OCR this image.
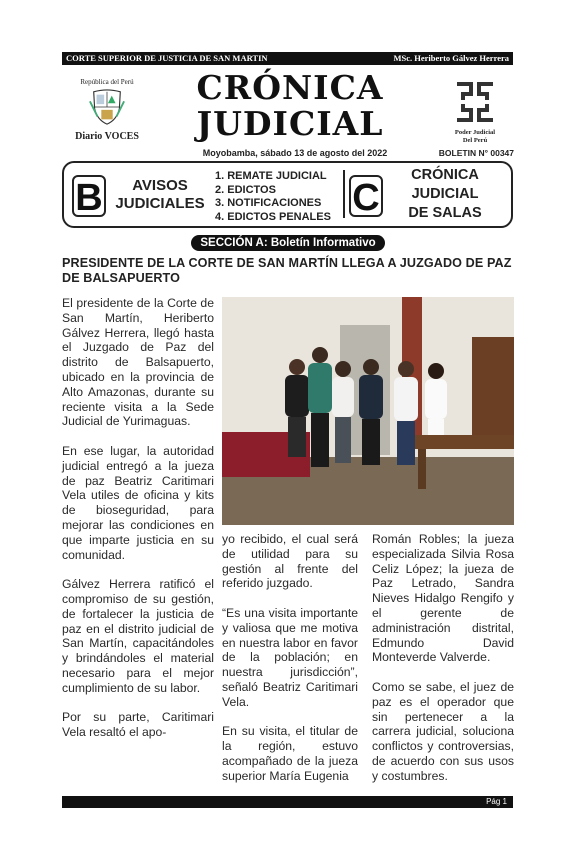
CORTE SUPERIOR DE JUSTICIA DE SAN MARTIN	MSc. Heriberto Gálvez Herrera
República del Perú
Diario VOCES
CRÓNICA
JUDICIAL
Moyobamba, sábado 13 de agosto del 2022
Poder Judicial
Del Perú
BOLETIN N° 00347
B	AVISOS
JUDICIALES
1. REMATE JUDICIAL
2. EDICTOS
3. NOTIFICACIONES
4. EDICTOS PENALES C
CRÓNICA
JUDICIAL
DE SALAS
SECCIÓN A: Boletín Informativo
PRESIDENTE DE LA CORTE DE SAN MARTÍN LLEGA A JUZGADO DE PAZ DE BALSAPUERTO

El presidente de la Corte de San Martín, Heriberto Gálvez Herrera, llegó hasta el Juzgado de Paz del distrito de Balsapuerto, ubicado en la provincia de Alto Amazonas, durante su reciente visita a la Sede Judicial de Yurimaguas.

En ese lugar, la autoridad judicial entregó a la jueza de paz Beatriz Caritimari Vela utiles de oficina y kits de bioseguridad, para mejorar las condiciones en que imparte justicia en su comunidad.

Gálvez Herrera ratificó el compromiso de su gestión, de fortalecer la justicia de paz en el distrito judicial de San Martín, capacitándoles y brindándoles el material necesario para el mejor cumplimiento de su labor.

Por su parte, Caritimari Vela resaltó el apo-

yo recibido, el cual será de utilidad para su gestión al frente del referido juzgado.

“Es una visita importante y valiosa que me motiva en nuestra labor en favor de la población; en nuestra jurisdicción”, señaló Beatriz Caritimari Vela.

En su visita, el titular de la región, estuvo acompañado de la jueza superior María Eugenia

Román Robles; la jueza especializada Silvia Rosa Celiz López; la jueza de Paz Letrado, Sandra Nieves Hidalgo Rengifo y el gerente de administración distrital, Edmundo David Monteverde Valverde.

Como se sabe, el juez de paz es el operador que sin pertenecer a la carrera judicial, soluciona conflictos y controversias, de acuerdo con sus usos y costumbres.

Pág 1
